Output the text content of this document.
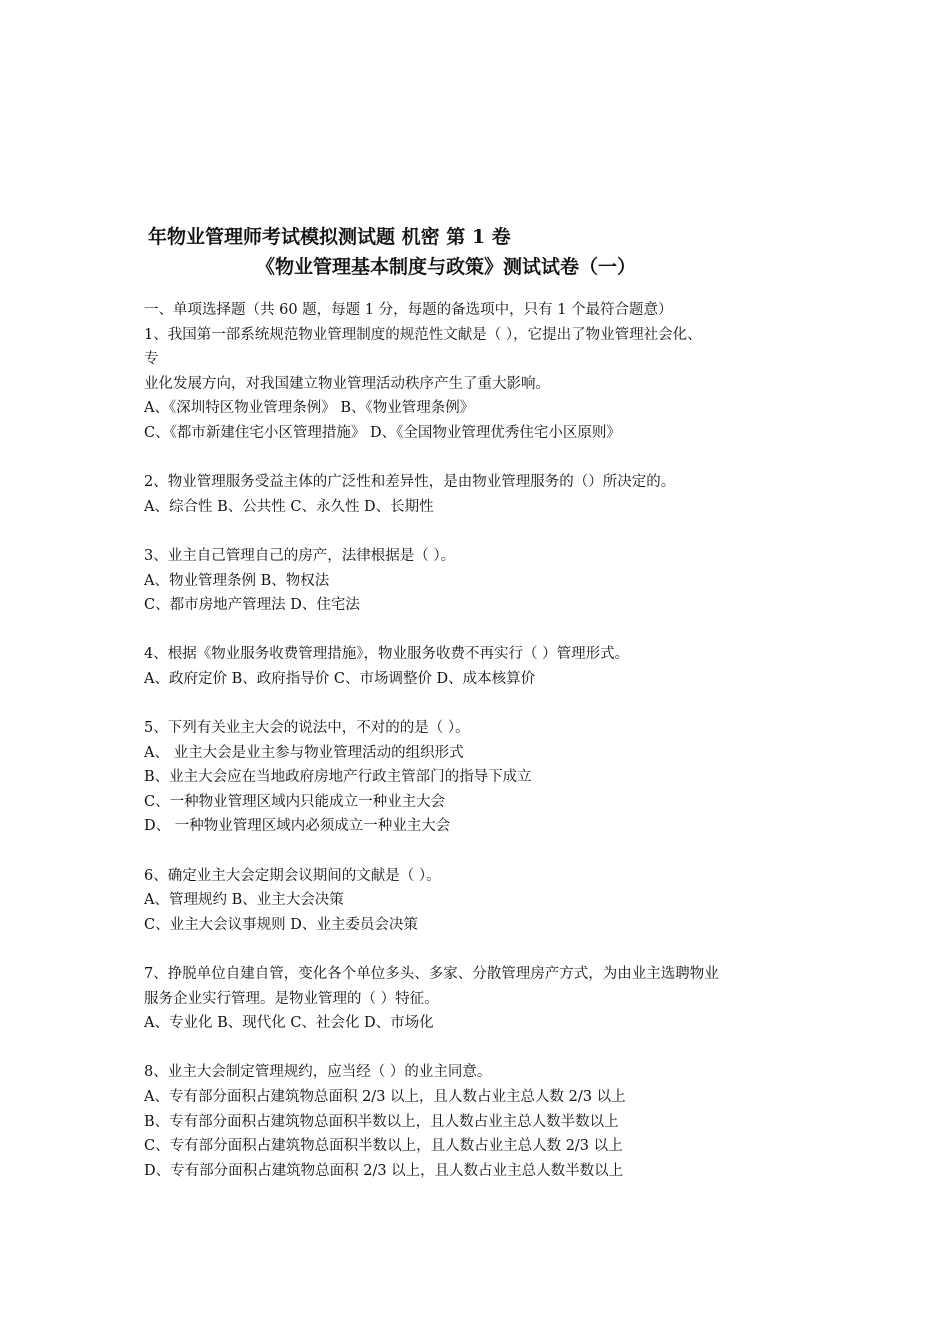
年物业管理师考试模拟测试题 机密 第 1 卷
《物业管理基本制度与政策》测试试卷（一）
一、单项选择题（共 60 题，每题 1 分，每题的备选项中，只有 1 个最符合题意）
1、我国第一部系统规范物业管理制度的规范性文献是（ ），它提出了物业管理社会化、
专
业化发展方向，对我国建立物业管理活动秩序产生了重大影响。
A、《深圳特区物业管理条例》 B、《物业管理条例》
C、《都市新建住宅小区管理措施》 D、《全国物业管理优秀住宅小区原则》
2、物业管理服务受益主体的广泛性和差异性，是由物业管理服务的（）所决定的。
A、综合性 B、公共性 C、永久性 D、长期性
3、业主自己管理自己的房产，法律根据是（ ）。
A、物业管理条例 B、物权法
C、都市房地产管理法 D、住宅法
4、根据《物业服务收费管理措施》，物业服务收费不再实行（ ）管理形式。
A、政府定价 B、政府指导价 C、市场调整价 D、成本核算价
5、下列有关业主大会的说法中，不对的的是（ ）。
A、 业主大会是业主参与物业管理活动的组织形式
B、业主大会应在当地政府房地产行政主管部门的指导下成立
C、一种物业管理区域内只能成立一种业主大会
D、 一种物业管理区域内必须成立一种业主大会
6、确定业主大会定期会议期间的文献是（ ）。
A、管理规约 B、业主大会决策
C、业主大会议事规则 D、业主委员会决策
7、挣脱单位自建自管，变化各个单位多头、多家、分散管理房产方式，为由业主选聘物业
服务企业实行管理。是物业管理的（ ）特征。
A、专业化 B、现代化 C、社会化 D、市场化
8、业主大会制定管理规约，应当经（ ）的业主同意。
A、专有部分面积占建筑物总面积 2/3 以上，且人数占业主总人数 2/3 以上
B、专有部分面积占建筑物总面积半数以上，且人数占业主总人数半数以上
C、专有部分面积占建筑物总面积半数以上，且人数占业主总人数 2/3 以上
D、专有部分面积占建筑物总面积 2/3 以上，且人数占业主总人数半数以上
